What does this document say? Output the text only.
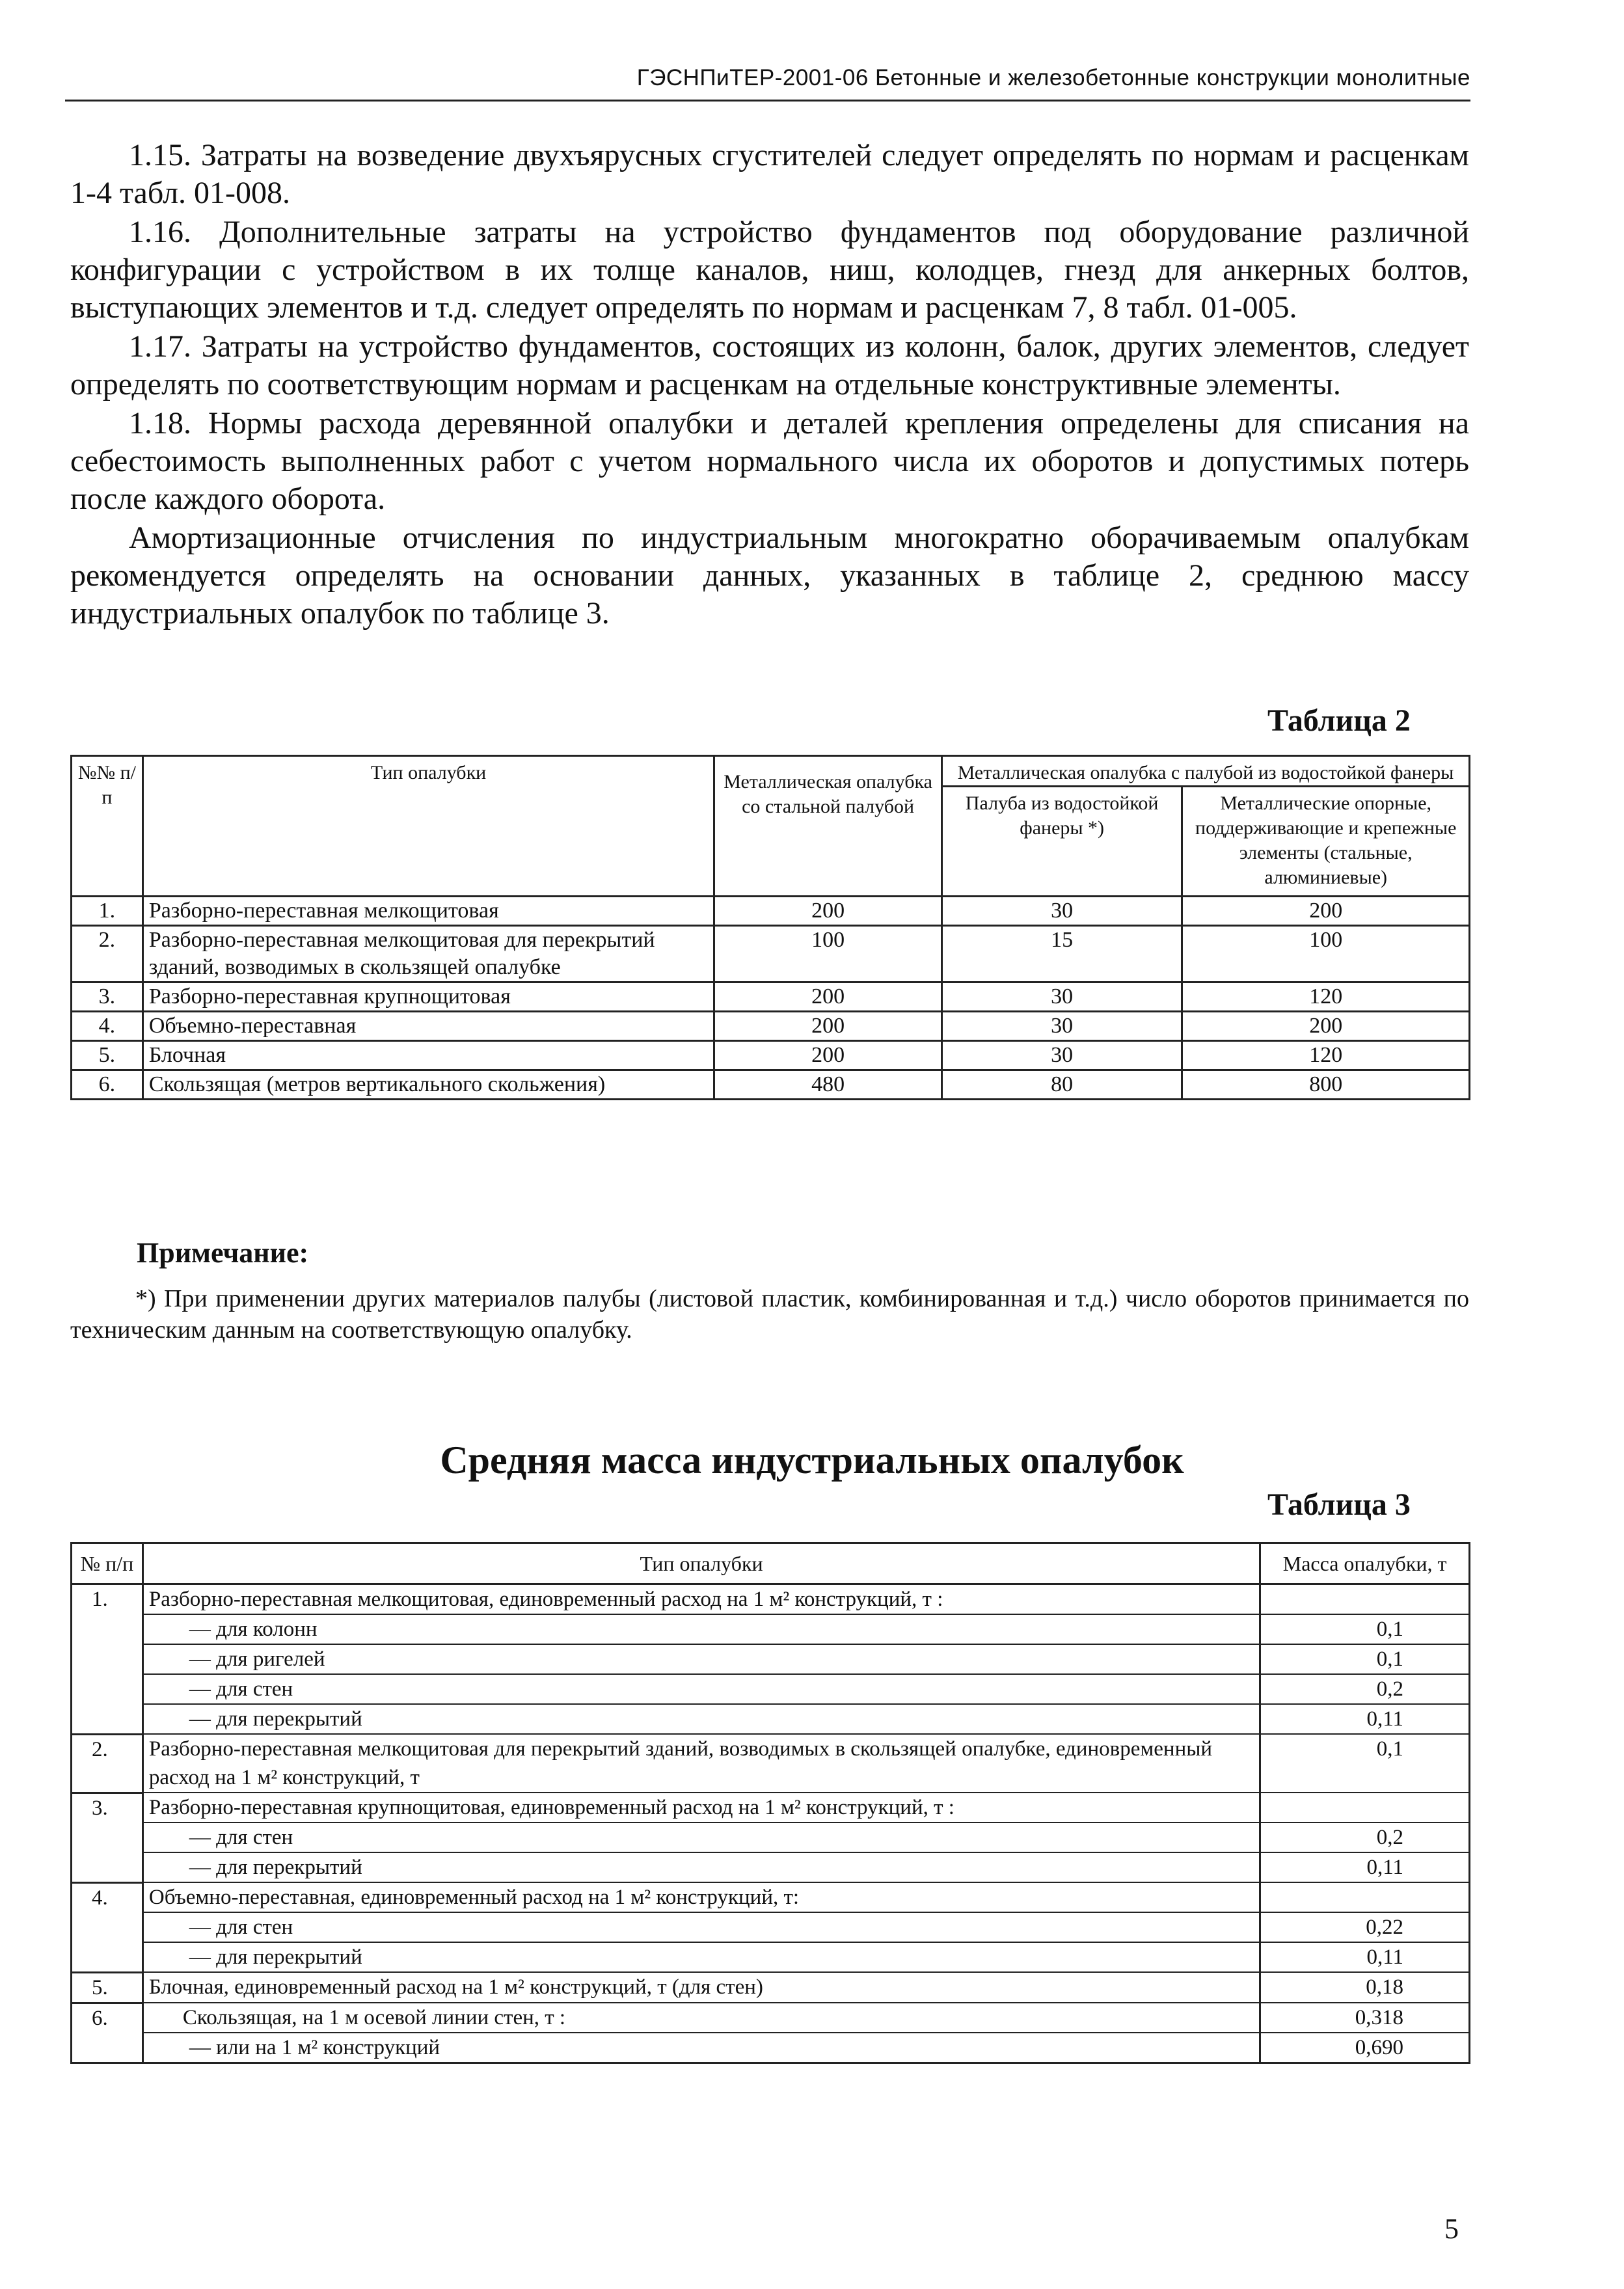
ГЭСНПиТЕР-2001-06 Бетонные и железобетонные конструкции монолитные

1.15. Затраты на возведение двухъярусных сгустителей следует определять по нормам и расценкам 1-4 табл. 01-008.

1.16. Дополнительные затраты на устройство фундаментов под оборудование различной конфигурации с устройством в их толще каналов, ниш, колодцев, гнезд для анкерных болтов, выступающих элементов и т.д. следует определять по нормам и расценкам 7, 8 табл. 01-005.

1.17. Затраты на устройство фундаментов, состоящих из колонн, балок, других элементов, следует определять по соответствующим нормам и расценкам на отдельные конструктивные элементы.

1.18. Нормы расхода деревянной опалубки и деталей крепления определены для списания на себестоимость выполненных работ с учетом нормального числа их оборотов и допустимых потерь после каждого оборота.

Амортизационные отчисления по индустриальным многократно оборачиваемым опалубкам рекомендуется определять на основании данных, указанных в таблице 2, среднюю массу индустриальных опалубок по таблице 3.

Таблица 2
№№ п/п	Тип опалубки	Металлическая опалубка со стальной палубой	Металлическая опалубка с палубой из водостойкой фанеры	
			Палуба из водостойкой фанеры *)	Металлические опорные, поддерживающие и крепежные элементы (стальные, алюминиевые)
1.	Разборно-переставная мелкощитовая	200	30	200
2.	Разборно-переставная мелкощитовая для перекрытий зданий, возводимых в скользящей опалубке	100	15	100
3.	Разборно-переставная крупнощитовая	200	30	120
4.	Объемно-переставная	200	30	200
5.	Блочная	200	30	120
6.	Скользящая (метров вертикального скольжения)	480	80	800
Примечание:
*) При применении других материалов палубы (листовой пластик, комбинированная и т.д.) число оборотов принимается по техническим данным на соответствующую опалубку.
Средняя масса индустриальных опалубок
Таблица 3
№ п/п	Тип опалубки	Масса опалубки, т
1.	Разборно-переставная мелкощитовая, единовременный расход на 1 м² конструкций, т :	
	— для колонн	0,1
	— для ригелей	0,1
	— для стен	0,2
	— для перекрытий	0,11
2.	Разборно-переставная мелкощитовая для перекрытий зданий, возводимых в скользящей опалубке, единовременный расход на 1 м² конструкций, т	0,1
3.	Разборно-переставная крупнощитовая, единовременный расход на 1 м² конструкций, т :	
	— для стен	0,2
	— для перекрытий	0,11
4.	Объемно-переставная, единовременный расход на 1 м² конструкций, т:	
	— для стен	0,22
	— для перекрытий	0,11
5.	Блочная, единовременный расход на 1 м² конструкций, т (для стен)	0,18
6.	Скользящая, на 1 м осевой линии стен, т :	0,318
	— или на 1 м² конструкций	0,690
5
